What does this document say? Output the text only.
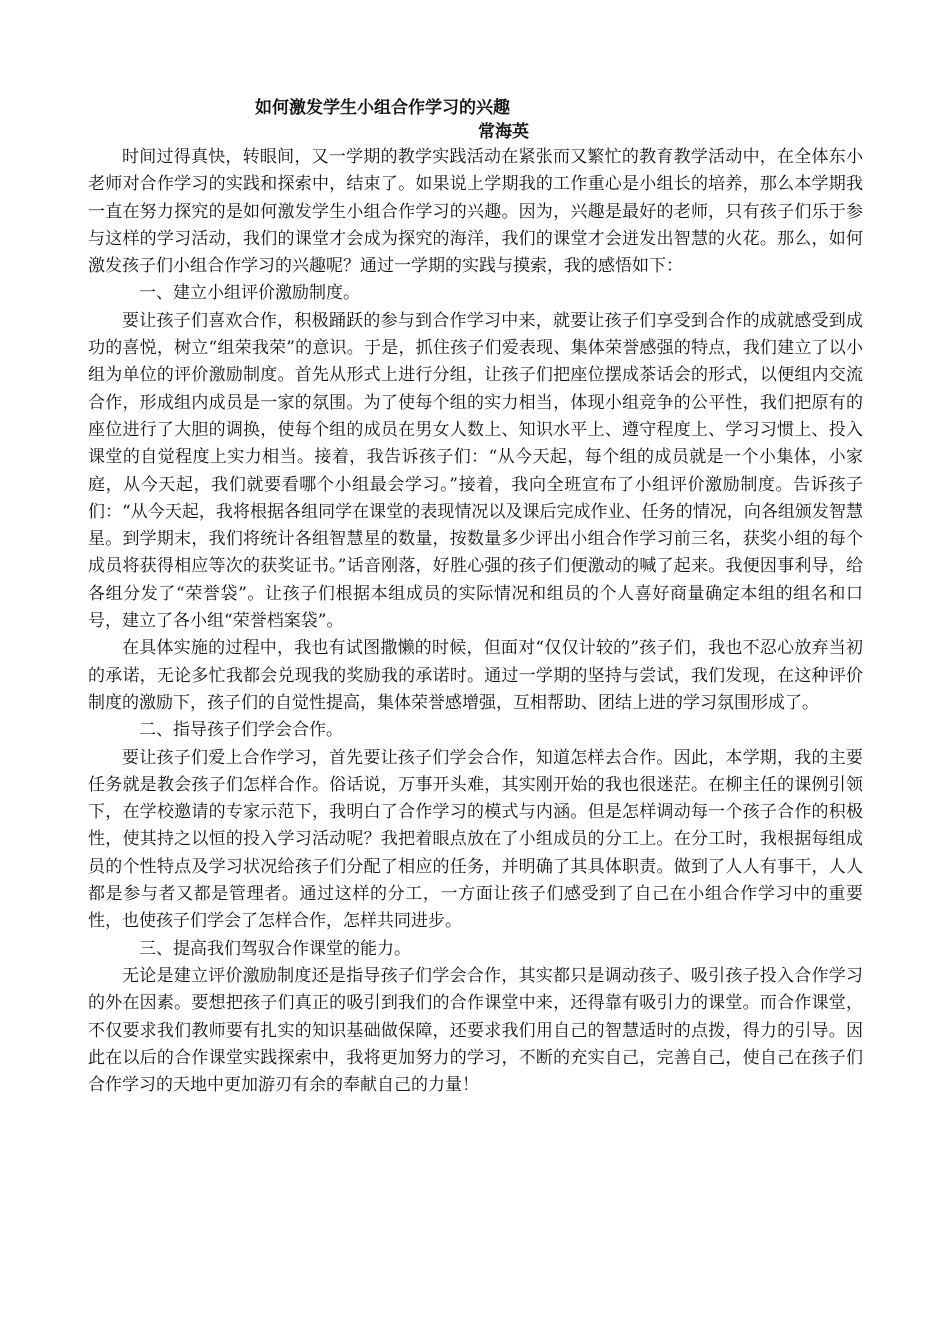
如何激发学生小组合作学习的兴趣
常海英

时间过得真快，转眼间，又一学期的教学实践活动在紧张而又繁忙的教育教学活动中，在全体东小老师对合作学习的实践和探索中，结束了。如果说上学期我的工作重心是小组长的培养，那么本学期我一直在努力探究的是如何激发学生小组合作学习的兴趣。因为，兴趣是最好的老师，只有孩子们乐于参与这样的学习活动，我们的课堂才会成为探究的海洋，我们的课堂才会迸发出智慧的火花。那么，如何激发孩子们小组合作学习的兴趣呢？通过一学期的实践与摸索，我的感悟如下：

一、建立小组评价激励制度。

要让孩子们喜欢合作，积极踊跃的参与到合作学习中来，就要让孩子们享受到合作的成就感受到成功的喜悦，树立“组荣我荣”的意识。于是，抓住孩子们爱表现、集体荣誉感强的特点，我们建立了以小组为单位的评价激励制度。首先从形式上进行分组，让孩子们把座位摆成茶话会的形式，以便组内交流合作，形成组内成员是一家的氛围。为了使每个组的实力相当，体现小组竞争的公平性，我们把原有的座位进行了大胆的调换，使每个组的成员在男女人数上、知识水平上、遵守程度上、学习习惯上、投入课堂的自觉程度上实力相当。接着，我告诉孩子们：“从今天起，每个组的成员就是一个小集体，小家庭，从今天起，我们就要看哪个小组最会学习。”接着，我向全班宣布了小组评价激励制度。告诉孩子们：“从今天起，我将根据各组同学在课堂的表现情况以及课后完成作业、任务的情况，向各组颁发智慧星。到学期末，我们将统计各组智慧星的数量，按数量多少评出小组合作学习前三名，获奖小组的每个成员将获得相应等次的获奖证书。”话音刚落，好胜心强的孩子们便激动的喊了起来。我便因事利导，给各组分发了“荣誉袋”。让孩子们根据本组成员的实际情况和组员的个人喜好商量确定本组的组名和口号，建立了各小组“荣誉档案袋”。

在具体实施的过程中，我也有试图撒懒的时候，但面对“仅仅计较的”孩子们，我也不忍心放弃当初的承诺，无论多忙我都会兑现我的奖励我的承诺时。通过一学期的坚持与尝试，我们发现，在这种评价制度的激励下，孩子们的自觉性提高，集体荣誉感增强，互相帮助、团结上进的学习氛围形成了。

二、指导孩子们学会合作。

要让孩子们爱上合作学习，首先要让孩子们学会合作，知道怎样去合作。因此，本学期，我的主要任务就是教会孩子们怎样合作。俗话说，万事开头难，其实刚开始的我也很迷茫。在柳主任的课例引领下，在学校邀请的专家示范下，我明白了合作学习的模式与内涵。但是怎样调动每一个孩子合作的积极性，使其持之以恒的投入学习活动呢？我把着眼点放在了小组成员的分工上。在分工时，我根据每组成员的个性特点及学习状况给孩子们分配了相应的任务，并明确了其具体职责。做到了人人有事干，人人都是参与者又都是管理者。通过这样的分工，一方面让孩子们感受到了自己在小组合作学习中的重要性，也使孩子们学会了怎样合作，怎样共同进步。

三、提高我们驾驭合作课堂的能力。

无论是建立评价激励制度还是指导孩子们学会合作，其实都只是调动孩子、吸引孩子投入合作学习的外在因素。要想把孩子们真正的吸引到我们的合作课堂中来，还得靠有吸引力的课堂。而合作课堂，不仅要求我们教师要有扎实的知识基础做保障，还要求我们用自己的智慧适时的点拨，得力的引导。因此在以后的合作课堂实践探索中，我将更加努力的学习，不断的充实自己，完善自己，使自己在孩子们合作学习的天地中更加游刃有余的奉献自己的力量！
